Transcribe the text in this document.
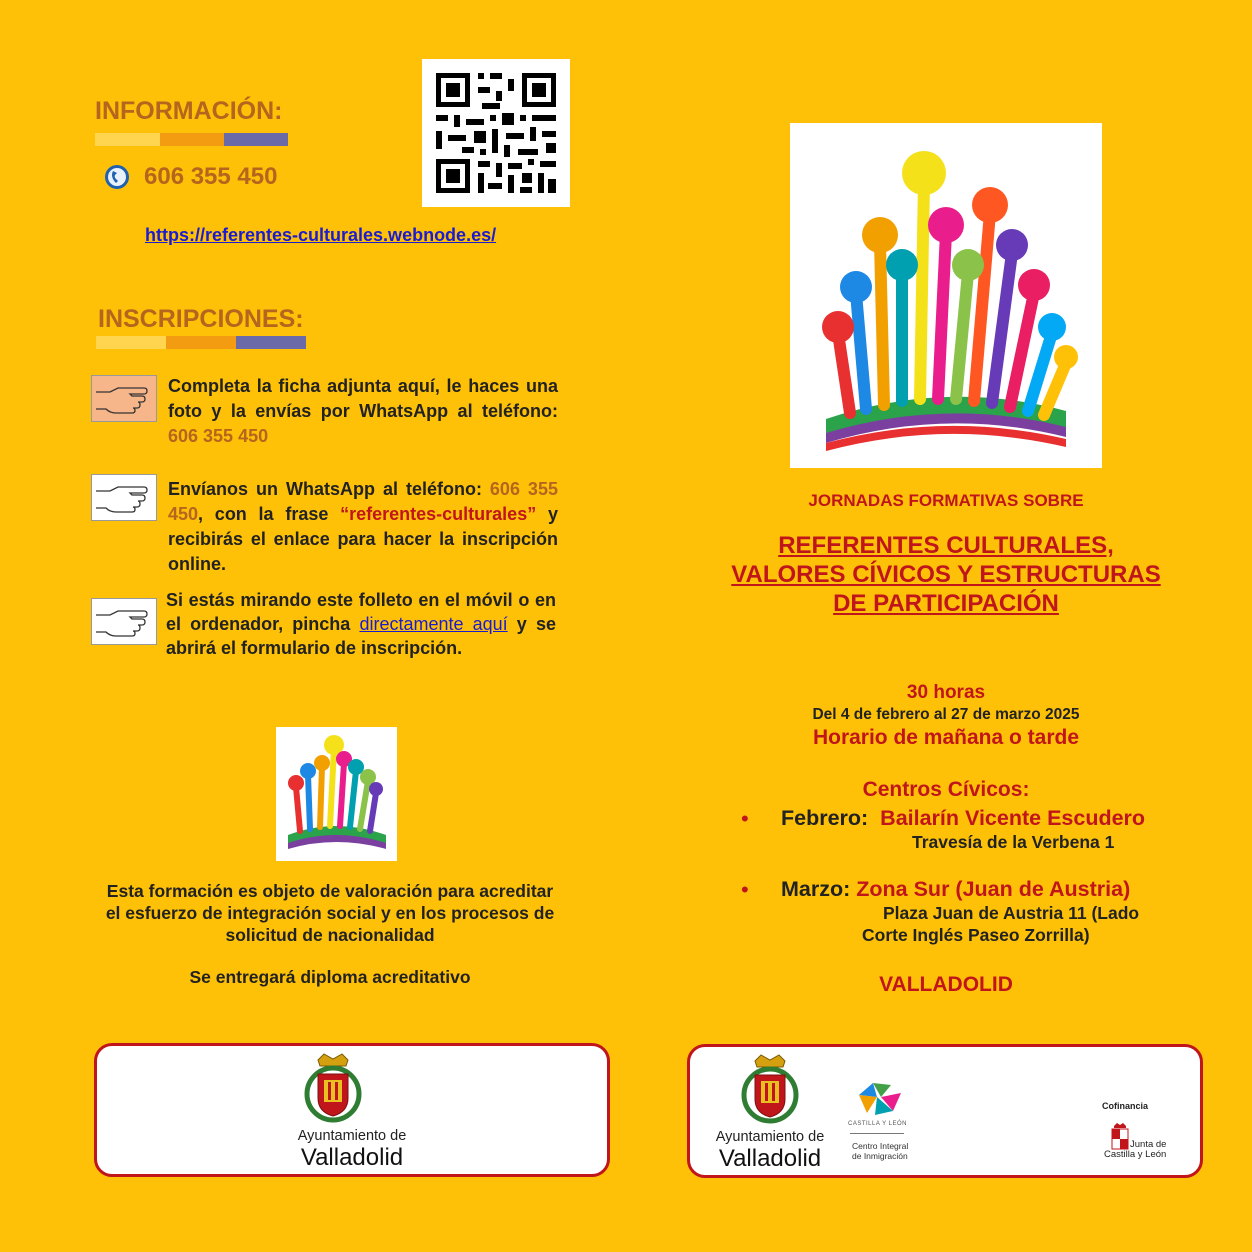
INFORMACIÓN:
606 355 450
https://referentes-culturales.webnode.es/
INSCRIPCIONES:
Completa la ficha adjunta aquí, le haces una foto y la envías por WhatsApp al teléfono: 606 355 450
Envíanos un WhatsApp al teléfono: 606 355 450, con la frase “referentes-culturales” y recibirás el enlace para hacer la inscripción online.
Si estás mirando este folleto en el móvil o en el ordenador, pincha directamente aquí y se abrirá el formulario de inscripción.
Esta formación es objeto de valoración para acreditar el esfuerzo de integración social y en los procesos de solicitud de nacionalidad
Se entregará diploma acreditativo
Ayuntamiento de
Valladolid
JORNADAS FORMATIVAS SOBRE
REFERENTES CULTURALES,
VALORES CÍVICOS Y ESTRUCTURAS
DE PARTICIPACIÓN
30 horas
Del 4 de febrero al 27 de marzo 2025
Horario de mañana o tarde
Centros Cívicos:
• Febrero: Bailarín Vicente Escudero
Travesía de la Verbena 1
• Marzo: Zona Sur (Juan de Austria)
Plaza Juan de Austria 11 (Lado
Corte Inglés Paseo Zorrilla)
VALLADOLID
Ayuntamiento de
Valladolid
CASTILLA Y LEÓN
Centro Integral
de Inmigración
Cofinancia
Junta de
Castilla y León
